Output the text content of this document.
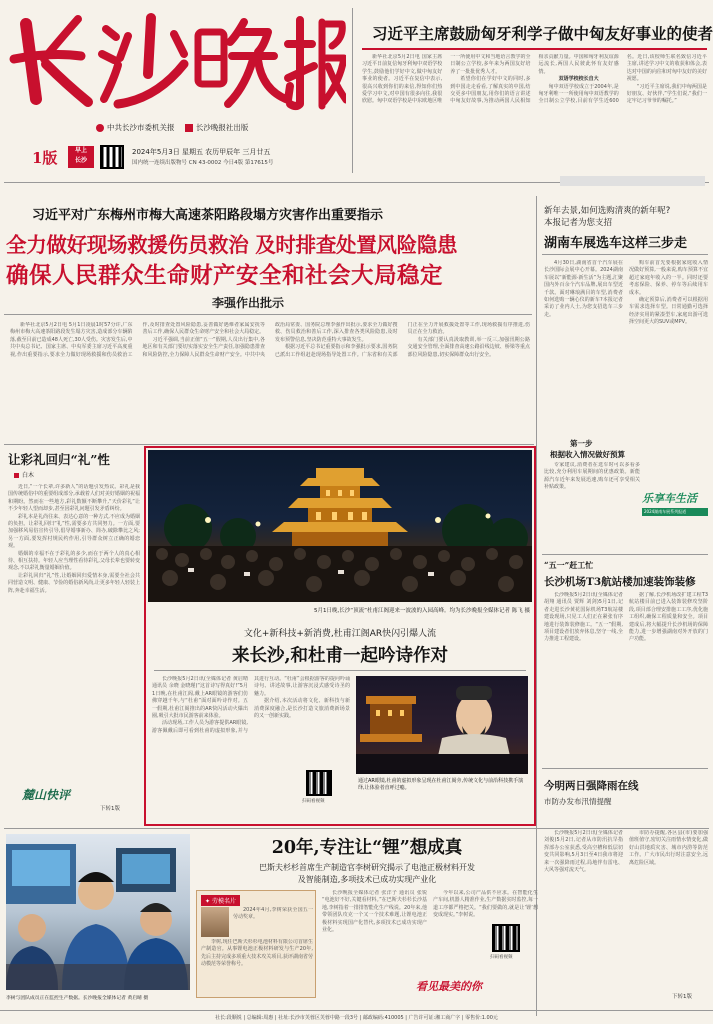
中共长沙市委机关报	长沙晚报社出版
1版	早上
长沙
2024年5月3日 星期五 农历甲辰年 三月廿五
国内统一连续出版物号 CN 43-0002 今日4版 第17615号
习近平主席鼓励匈牙利学子做中匈友好事业的使者
新华社北京5月2日电 国家主席习近平日前复信匈牙利匈中双语学校学生,鼓励他们学好中文,做中匈友好事业的使者。习近平在复信中表示,很高兴收到你们的来信,得知你们热爱学习中文,对中国有很多向往,我很欣慰。匈中双语学校是中东欧地区唯一一所使用中文和当地语言教学的全日制公立学校,多年来为两国友好培养了一批批优秀人才。
希望你们在学好中文的同时,多到中国走走看看,了解真实的中国,结交更多中国朋友,用你们的语言讲述中匈友好故事,为推动两国人民相知相亲贡献力量。中国和匈牙利友谊源远流长,两国人民彼此怀有友好感情。
双语学校校长自大
匈中双语学校成立于2004年,是匈牙利唯一一所使用匈中双语教学的全日制公立学校,目前有学生近600名。近日,该校师生联名致信习近平主席,讲述学习中文的收获和体会,表达对中国的向往和对匈中友好的美好祝愿。
“习近平主席说,我们中匈两国是好朋友、好伙伴,”学生们说,“我们一定牢记习爷爷的嘱托。”
习近平对广东梅州市梅大高速茶阳路段塌方灾害作出重要指示
全力做好现场救援伤员救治 及时排查处置风险隐患
确保人民群众生命财产安全和社会大局稳定
李强作出批示
新华社北京5月2日电 5月1日凌晨1时57分许,广东梅州市梅大高速茶阳路段发生塌方灾害,造成部分车辆陷落,截至目前已造成48人死亡,30人受伤。灾害发生后,中共中央总书记、国家主席、中央军委主席习近平高度重视,作出重要指示,要求全力做好现场救援和伤员救治工作,及时排查处置风险隐患,妥善做好遇难者家属安抚等善后工作,确保人民群众生命财产安全和社会大局稳定。
习近平强调,当前正值“五一”假期,人员出行集中,各地区和有关部门要切实落实安全生产责任,加强隐患排查和风险防控,全力保障人民群众生命财产安全。中共中央政治局常委、国务院总理李强作出批示,要求全力做好搜救、伤员救治和善后工作,深入排查各类风险隐患,及时发布预警信息,坚决防范重特大事故发生。
根据习近平总书记重要指示和李强批示要求,国务院已派出工作组赶赴现场指导处置工作。广东省和有关部门正在全力开展救援处置等工作,现场救援有序推进,伤员正在全力救治。
有关部门要认真汲取教训,举一反三,加强汛期公路交通安全管理,全面排查高速公路沿线边坡、桥梁等重点部位风险隐患,切实保障群众出行安全。
新年去景,如何选购清爽的新年呢?
本报记者为您支招
湖南车展选车这样三步走
4月30日,湖南省首个汽车展在长沙国际会展中心开幕。2024湖南车展以“新能源·新生活”为主题,汇聚国内外百余个汽车品牌,展出车型近千款。面对琳琅满目的车型,消费者如何选购一辆心仪的新车?本报记者采访了业内人士,为您支招选车三步走。
购车前首先要根据家庭收入情况做好预算,一般来说,购车预算不宜超过家庭年收入的一半。同时还要考虑保险、保养、停车等后续用车成本。
确定预算后,消费者可以根据用车需求选择车型。日常通勤可选择经济实用的紧凑型车,家庭出游可选择空间更大的SUV或MPV。
第一步
根据收入情况做好预算
专家建议,消费者在选车时可以多看多比较,充分利用车展期间的优惠政策。新能源汽车近年来发展迅速,购车还可享受相关补贴政策。
乐享车生活
2024湖南车展系列报道
让彩礼回归“礼”性
白木
近日,“一个长辈,许多新人”的话题引发热议。彩礼是我国传统婚俗中的重要组成部分,承载着人们对美好婚姻的祝福和期盼。然而在一些地方,彩礼数额不断攀升,“天价彩礼”让不少年轻人望而却步,甚至因彩礼问题引发矛盾纠纷。
彩礼本是礼尚往来、表达心意的一种方式,不应成为婚姻的负担。让彩礼回归“礼”性,需要多方共同努力。一方面,要加强移风易俗宣传引导,倡导婚事新办、简办,破除攀比之风;另一方面,要发挥村规民约作用,引导群众树立正确的婚恋观。
婚姻的幸福不在于彩礼的多少,而在于两个人的真心相待、相互扶持。年轻人应当理性看待彩礼,父母长辈也要转变观念,不以彩礼衡量婚姻价值。
让彩礼回归“礼”性,让婚姻回归爱情本身,需要全社会共同营造文明、健康、节俭的婚俗新风尚,让更多年轻人轻装上阵,奔赴幸福生活。
麓山快评
下转1版
5月1日晚,长沙“顶流”杜甫江阁迎来一波波的入园高峰。均为长沙晚报全媒体记者 陈飞 摄
文化+新科技+新消费,杜甫江阁AR快闪引爆人流
来长沙,和杜甫一起吟诗作对
长沙晚报5月2日讯(全媒体记者 黄启晴 通讯员 余晓 金晓瑾)“这首诗写得真好!”5月1日晚,在杜甫江阁,戴上AR眼镜的游客们仿佛穿越千年,与“杜甫”面对面吟诗作对。五一假期,杜甫江阁推出的AR快闪活动火爆出圈,吸引大批市民游客前来体验。
活动现场,工作人员为游客提供AR眼镜,游客佩戴后即可看到杜甫的虚拟形象,并与其进行互动。“杜甫”会根据游客的提问吟诵诗句、讲述故事,让游客沉浸式感受诗圣的魅力。
据介绍,本次活动将文化、新科技与新消费深度融合,是长沙打造文旅消费新场景的又一创新实践。
扫码看视频
通过AR眼镜,杜甫的虚拟形象呈现在杜甫江阁旁,传统文化与前沿科技携手演绎,让体验者直呼过瘾。
“五一”赶工忙
长沙机场T3航站楼加速装饰装修
长沙晚报5月2日讯(全媒体记者 胡翔 通讯员 贾辉 刘剑)5月1日,记者走进长沙黄花国际机场T3航站楼建设现场,只见工人们正在紧张有序地进行装饰装修施工。“五一”假期,项目建设者们放弃休息,坚守一线,全力推进工程建设。
据了解,长沙机场改扩建工程T3航站楼目前已进入装饰装修攻坚阶段,项目部合理安排施工工序,优化施工组织,确保工程质量和安全。项目建成后,将大幅提升长沙机场的保障能力,进一步增强湖南对外开放的门户功能。
今明两日强降雨在线
市防办发布汛情提醒
李树与团队成员正在监控生产数据。长沙晚报全媒体记者 黄启晴 摄
20年,专注让“锂”想成真
巴斯夫杉杉首席生产制造官李树研究揭示了电池正极材料开发
及智能制造,多项技术已成功实现产业化
✦ 劳模名片
李树,现任巴斯夫杉杉电池材料有限公司首席生产制造官。从事锂电池正极材料研发与生产20年,先后主持完成多项重大技术攻关项目,获评湖南省劳动模范等荣誉称号。
2024年4月,李树荣获全国五一劳动奖章。
长沙晚报全媒体记者 张洋子 通讯员 张锐 “电池好不好,关键看材料。”在巴斯夫杉杉长沙基地,李树指着一排排智能化生产线说。20年来,他带领团队攻克一个又一个技术难题,让锂电池正极材料实现国产化替代,多项技术已成功实现产业化。
今年以来,公司产品供不应求。在智能化生产车间,机器人精准作业,生产数据实时监控,每一道工序都严格把关。“我们要做的,就是让‘锂’想变成现实。”李树说。
看见最美的你
扫码看视频
长沙晚报5月2日讯(全媒体记者 刘俊)5月2日,记者从市防汛抗旱指挥部办公室获悉,受高空槽和低层切变共同影响,5月3日至4日我市将迎来一次强降雨过程,局地伴有雷电、大风等强对流天气。
市防办提醒,各区县(市)要加强值班值守,密切关注雨情水情变化,做好山洪地质灾害、城市内涝等防范工作。广大市民出行时注意安全,远离危险区域。
下转1版
社长:段顺锐 | 总编辑:周惠 | 社址:长沙市芙蓉区芙蓉中路一段3号 | 邮政编码:410005 | 广告许可证:湘工商广字 | 零售价:1.00元
